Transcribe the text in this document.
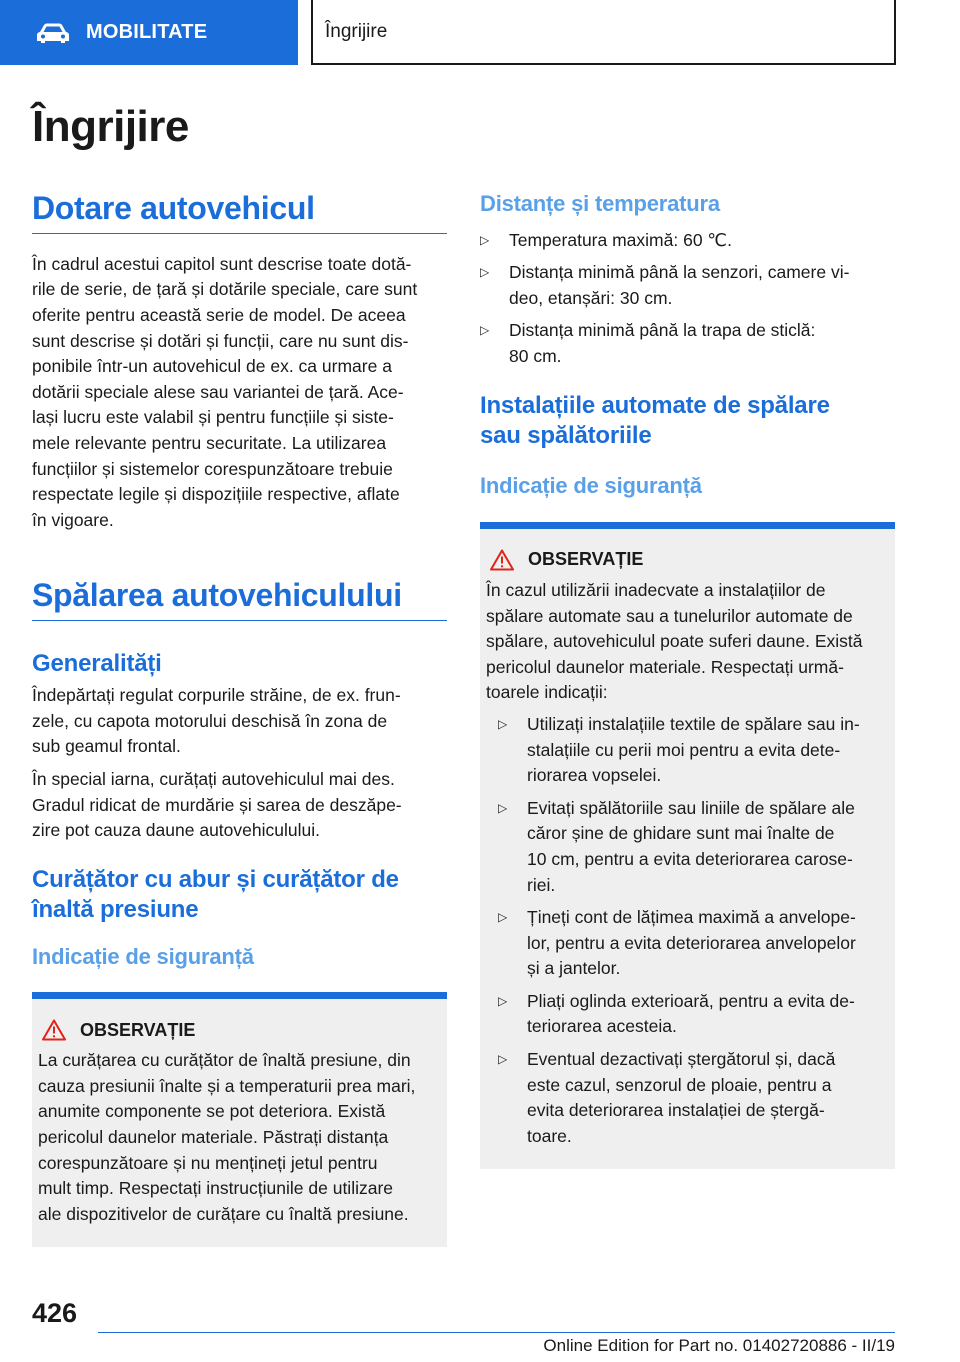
MOBILITATE	Îngrijire
Îngrijire
Dotare autovehicul

În cadrul acestui capitol sunt descrise toate dotă-
rile de serie, de țară și dotările speciale, care sunt
oferite pentru această serie de model. De aceea
sunt descrise și dotări și funcții, care nu sunt dis-
ponibile într-un autovehicul de ex. ca urmare a
dotării speciale alese sau variantei de țară. Ace-
lași lucru este valabil și pentru funcțiile și siste-
mele relevante pentru securitate. La utilizarea
funcțiilor și sistemelor corespunzătoare trebuie
respectate legile și dispozițiile respective, aflate
în vigoare.

Spălarea autovehiculului
Generalități

Îndepărtați regulat corpurile străine, de ex. frun-
zele, cu capota motorului deschisă în zona de
sub geamul frontal.

În special iarna, curățați autovehiculul mai des.
Gradul ridicat de murdărie și sarea de deszăpe-
zire pot cauza daune autovehiculului.

Curățător cu abur și curățător de
înaltă presiune
Indicație de siguranță
OBSERVAȚIE

La curățarea cu curățător de înaltă presiune, din
cauza presiunii înalte și a temperaturii prea mari,
anumite componente se pot deteriora. Există
pericolul daunelor materiale. Păstrați distanța
corespunzătoare și nu mențineți jetul pentru
mult timp. Respectați instrucțiunile de utilizare
ale dispozitivelor de curățare cu înaltă presiune.

Distanțe și temperatura
▷ Temperatura maximă: 60 ℃.
▷ Distanța minimă până la senzori, camere vi-
deo, etanșări: 30 cm.
▷ Distanța minimă până la trapa de sticlă:
80 cm.
Instalațiile automate de spălare
sau spălătoriile
Indicație de siguranță
OBSERVAȚIE

În cazul utilizării inadecvate a instalațiilor de
spălare automate sau a tunelurilor automate de
spălare, autovehiculul poate suferi daune. Există
pericolul daunelor materiale. Respectați urmă-
toarele indicații:

▷ Utilizați instalațiile textile de spălare sau in-
stalațiile cu perii moi pentru a evita dete-
riorarea vopselei.
▷ Evitați spălătoriile sau liniile de spălare ale
căror șine de ghidare sunt mai înalte de
10 cm, pentru a evita deteriorarea carose-
riei.
▷ Țineți cont de lățimea maximă a anvelope-
lor, pentru a evita deteriorarea anvelopelor
și a jantelor.
▷ Pliați oglinda exterioară, pentru a evita de-
teriorarea acesteia.
▷ Eventual dezactivați ștergătorul și, dacă
este cazul, senzorul de ploaie, pentru a
evita deteriorarea instalației de ștergă-
toare.
426
Online Edition for Part no. 01402720886 - II/19
